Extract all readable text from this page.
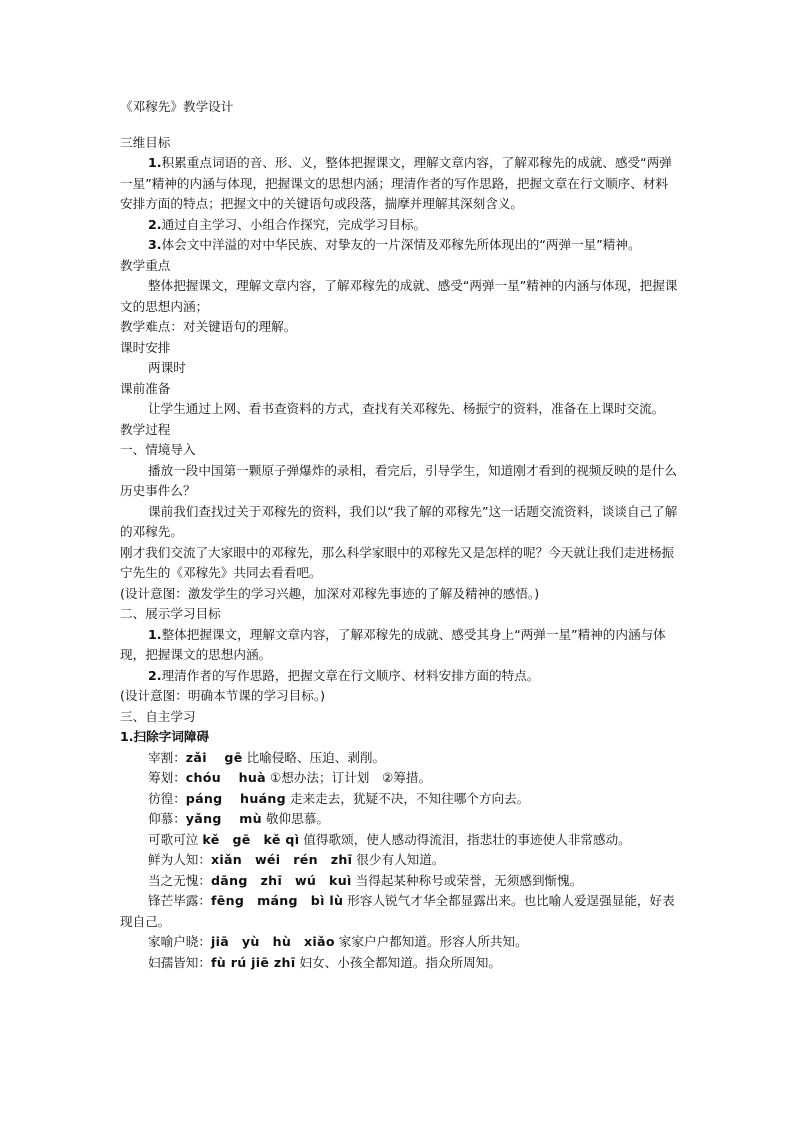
《邓稼先》教学设计

三维目标

1.积累重点词语的音、形、义，整体把握课文，理解文章内容，了解邓稼先的成就、感受“两弹一星”精神的内涵与体现，把握课文的思想内涵；理清作者的写作思路，把握文章在行文顺序、材料安排方面的特点；把握文中的关键语句或段落，揣摩并理解其深刻含义。

2.通过自主学习、小组合作探究，完成学习目标。

3.体会文中洋溢的对中华民族、对挚友的一片深情及邓稼先所体现出的“两弹一星”精神。

教学重点

整体把握课文，理解文章内容，了解邓稼先的成就、感受“两弹一星”精神的内涵与体现，把握课文的思想内涵；

教学难点：对关键语句的理解。

课时安排

两课时

课前准备

让学生通过上网、看书查资料的方式，查找有关邓稼先、杨振宁的资料，准备在上课时交流。

教学过程

一、情境导入

播放一段中国第一颗原子弹爆炸的录相，看完后，引导学生，知道刚才看到的视频反映的是什么历史事件么？

课前我们查找过关于邓稼先的资料，我们以“我了解的邓稼先”这一话题交流资料，谈谈自己了解的邓稼先。

刚才我们交流了大家眼中的邓稼先，那么科学家眼中的邓稼先又是怎样的呢？今天就让我们走进杨振宁先生的《邓稼先》共同去看看吧。

(设计意图：激发学生的学习兴趣，加深对邓稼先事迹的了解及精神的感悟。)

二、展示学习目标

1.整体把握课文，理解文章内容，了解邓稼先的成就、感受其身上“两弹一星”精神的内涵与体现，把握课文的思想内涵。

2.理清作者的写作思路，把握文章在行文顺序、材料安排方面的特点。

(设计意图：明确本节课的学习目标。)

三、自主学习

1.扫除字词障碍

宰割：zǎi　 gē 比喻侵略、压迫、剥削。

筹划：chóu　 huà ①想办法；订计划　②筹措。

彷徨：páng　 huáng 走来走去，犹疑不决，不知往哪个方向去。

仰慕：yǎng　 mù 敬仰思慕。

可歌可泣 kě　gē　kě qì 值得歌颂，使人感动得流泪，指悲壮的事迹使人非常感动。

鲜为人知：xiǎn　wéi　rén　zhī 很少有人知道。

当之无愧：dāng　zhī　wú　kuì 当得起某种称号或荣誉，无须感到惭愧。

锋芒毕露：fēng　máng　bì lù 形容人锐气才华全都显露出来。也比喻人爱逞强显能，好表现自己。

家喻户晓：jiā　yù　hù　xiǎo 家家户户都知道。形容人所共知。

妇孺皆知：fù rú jiē zhī 妇女、小孩全都知道。指众所周知。
